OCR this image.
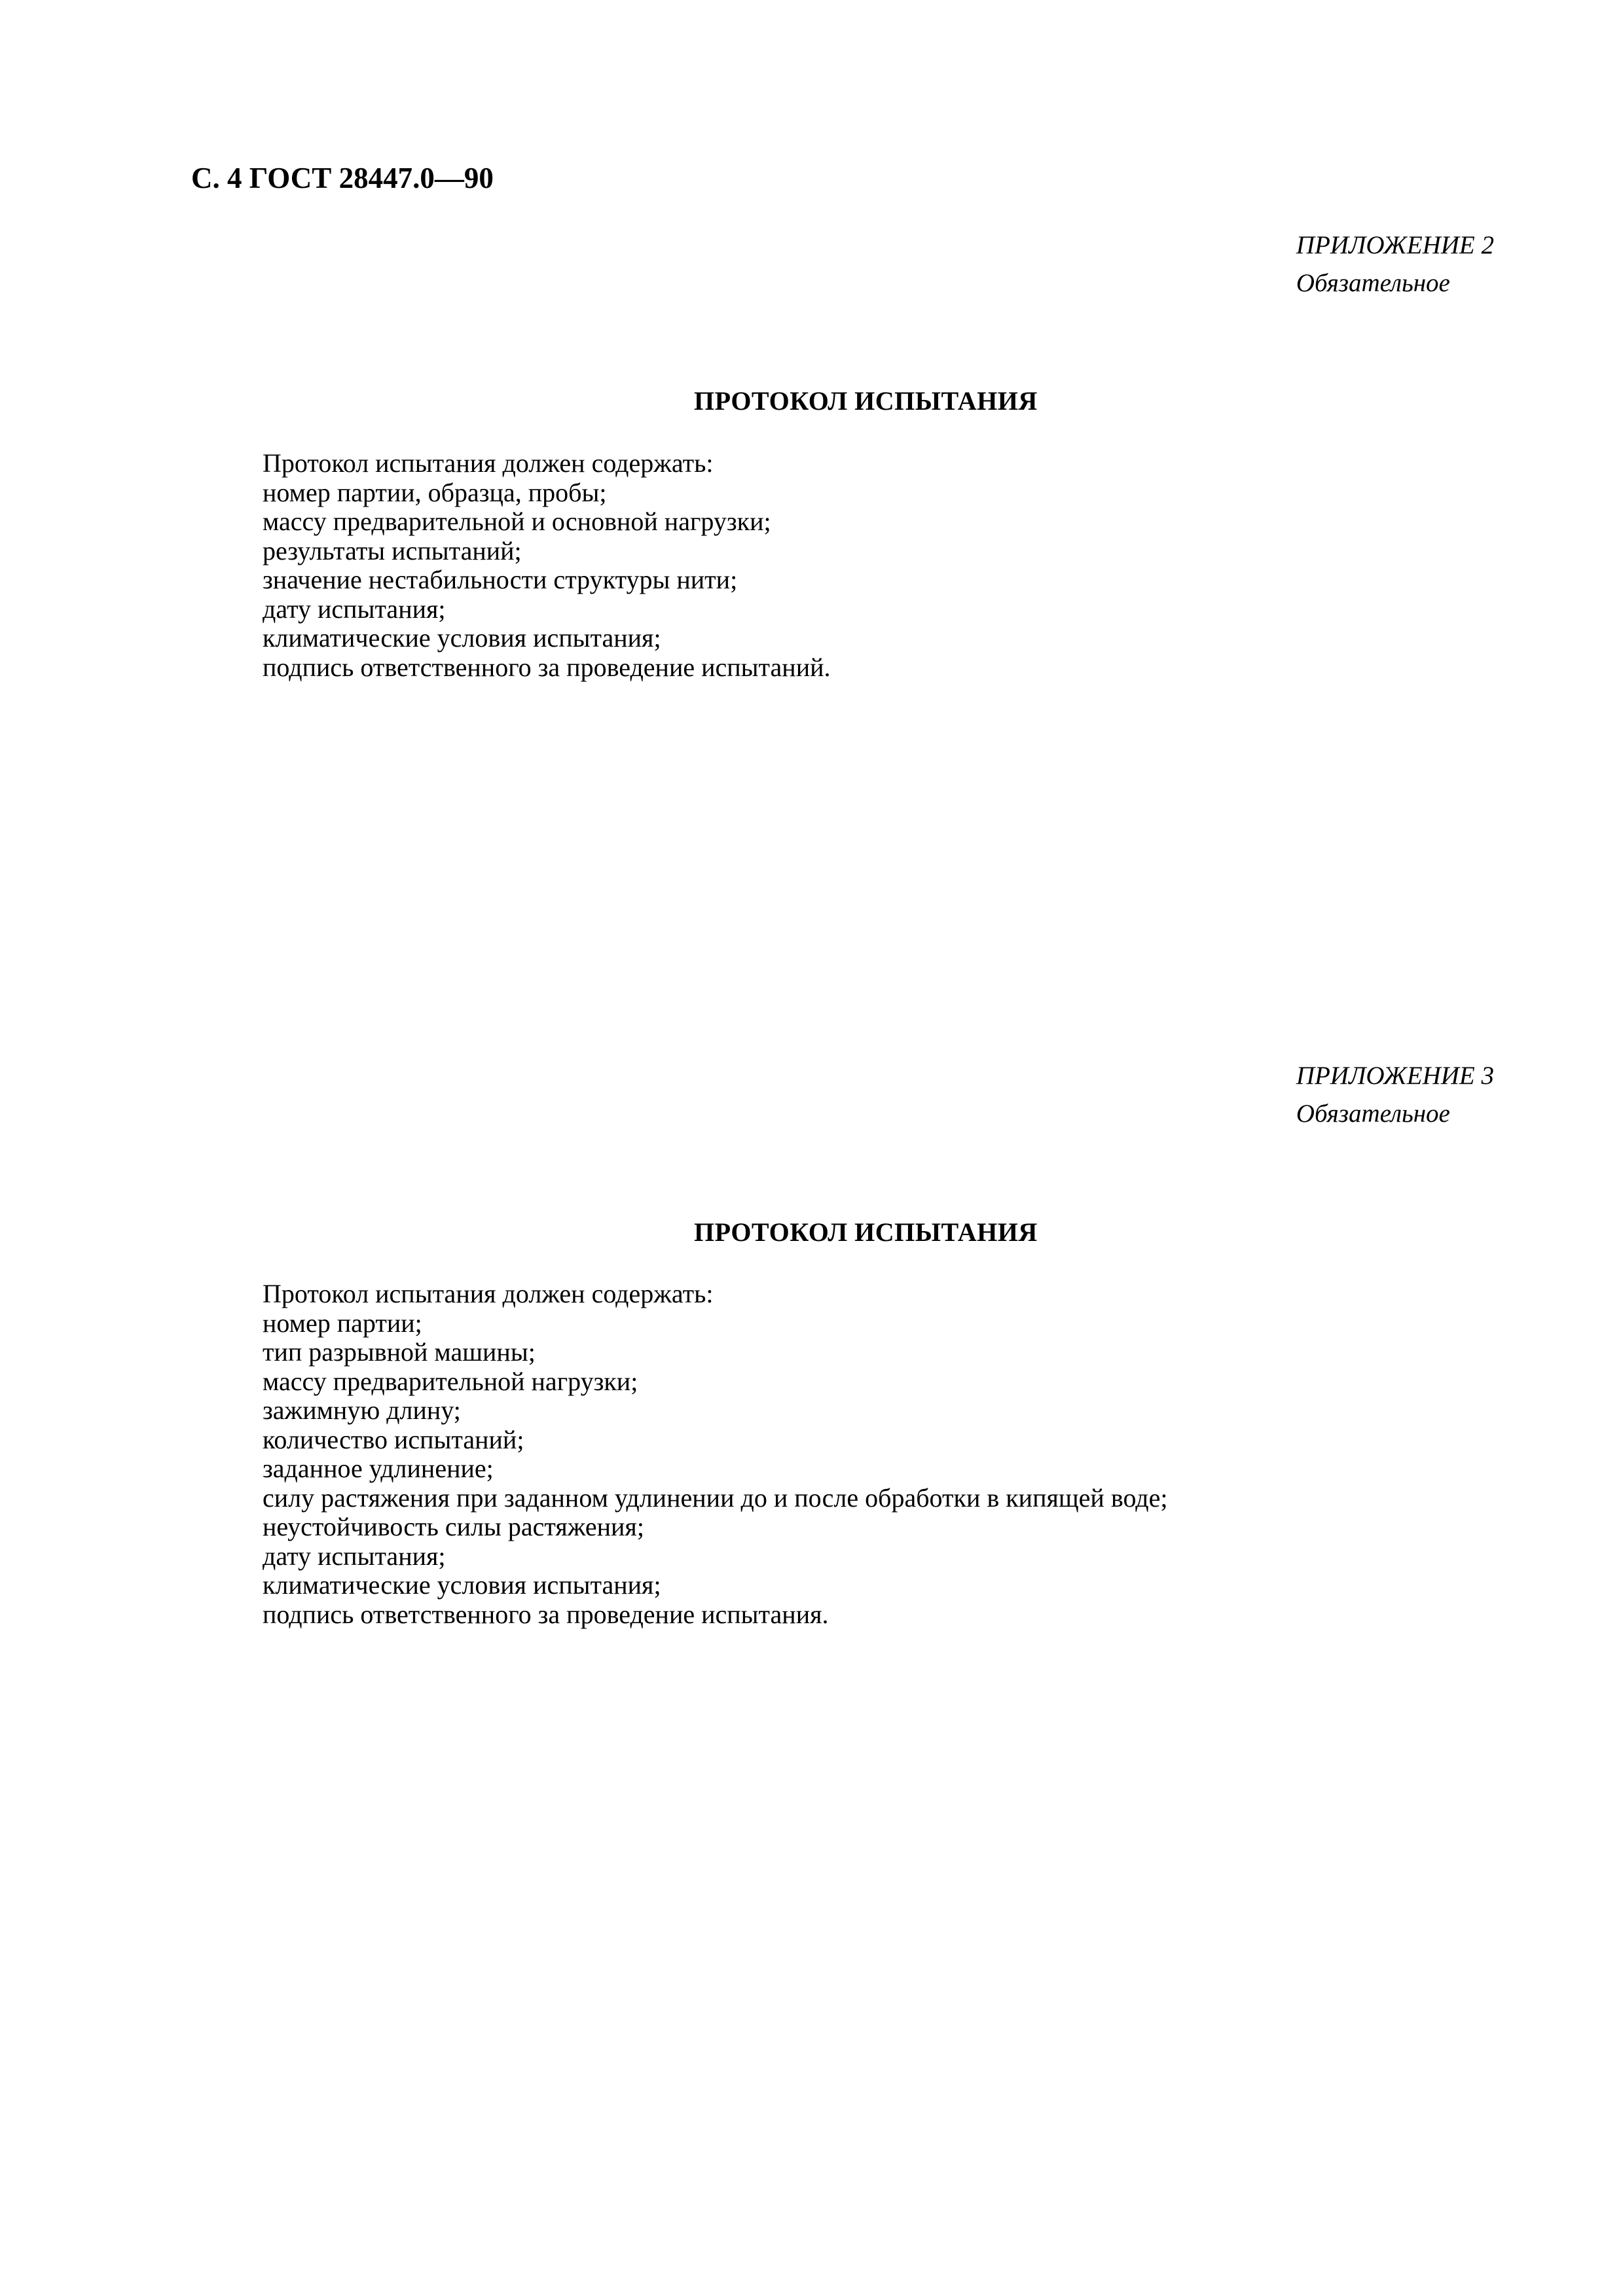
С. 4 ГОСТ 28447.0—90
ПРИЛОЖЕНИЕ 2
Обязательное
ПРОТОКОЛ ИСПЫТАНИЯ
Протокол испытания должен содержать:
номер партии, образца, пробы;
массу предварительной и основной нагрузки;
результаты испытаний;
значение нестабильности структуры нити;
дату испытания;
климатические условия испытания;
подпись ответственного за проведение испытаний.
ПРИЛОЖЕНИЕ 3
Обязательное
ПРОТОКОЛ ИСПЫТАНИЯ
Протокол испытания должен содержать:
номер партии;
тип разрывной машины;
массу предварительной нагрузки;
зажимную длину;
количество испытаний;
заданное удлинение;
силу растяжения при заданном удлинении до и после обработки в кипящей воде;
неустойчивость силы растяжения;
дату испытания;
климатические условия испытания;
подпись ответственного за проведение испытания.
